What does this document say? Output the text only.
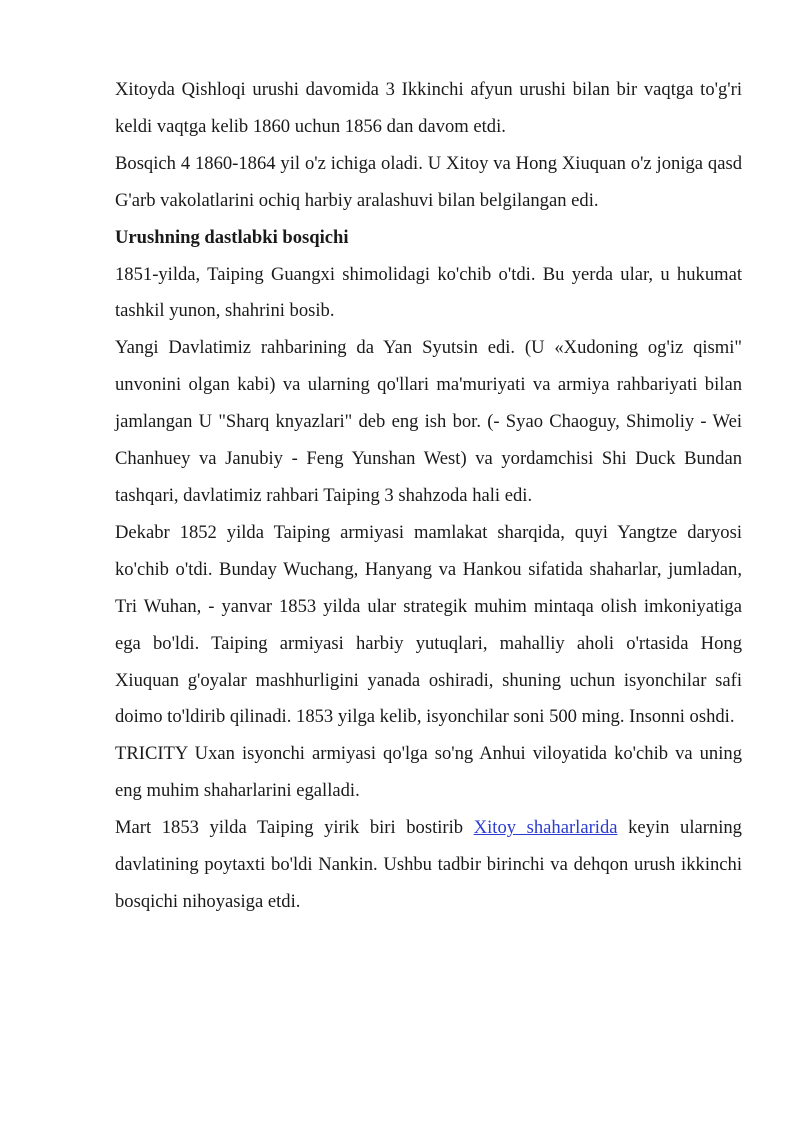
Xitoyda Qishloqi urushi davomida 3 Ikkinchi afyun urushi bilan bir vaqtga to'g'ri keldi vaqtga kelib 1860 uchun 1856 dan davom etdi.

Bosqich 4 1860-1864 yil o'z ichiga oladi. U Xitoy va Hong Xiuquan o'z joniga qasd G'arb vakolatlarini ochiq harbiy aralashuvi bilan belgilangan edi.

Urushning dastlabki bosqichi

1851-yilda, Taiping Guangxi shimolidagi ko'chib o'tdi. Bu yerda ular, u hukumat tashkil yunon, shahrini bosib.

Yangi Davlatimiz rahbarining da Yan Syutsin edi. (U «Xudoning og'iz qismi" unvonini olgan kabi) va ularning qo'llari ma'muriyati va armiya rahbariyati bilan jamlangan U "Sharq knyazlari" deb eng ish bor. (- Syao Chaoguy, Shimoliy - Wei Chanhuey va Janubiy - Feng Yunshan West) va yordamchisi Shi Duck Bundan tashqari, davlatimiz rahbari Taiping 3 shahzoda hali edi.

Dekabr 1852 yilda Taiping armiyasi mamlakat sharqida, quyi Yangtze daryosi ko'chib o'tdi. Bunday Wuchang, Hanyang va Hankou sifatida shaharlar, jumladan, Tri Wuhan, - yanvar 1853 yilda ular strategik muhim mintaqa olish imkoniyatiga ega bo'ldi. Taiping armiyasi harbiy yutuqlari, mahalliy aholi o'rtasida Hong Xiuquan g'oyalar mashhurligini yanada oshiradi, shuning uchun isyonchilar safi doimo to'ldirib qilinadi. 1853 yilga kelib, isyonchilar soni 500 ming. Insonni oshdi.

TRICITY Uxan isyonchi armiyasi qo'lga so'ng Anhui viloyatida ko'chib va uning eng muhim shaharlarini egalladi.

Mart 1853 yilda Taiping yirik biri bostirib Xitoy shaharlarida keyin ularning davlatining poytaxti bo'ldi Nankin. Ushbu tadbir birinchi va dehqon urush ikkinchi bosqichi nihoyasiga etdi.
